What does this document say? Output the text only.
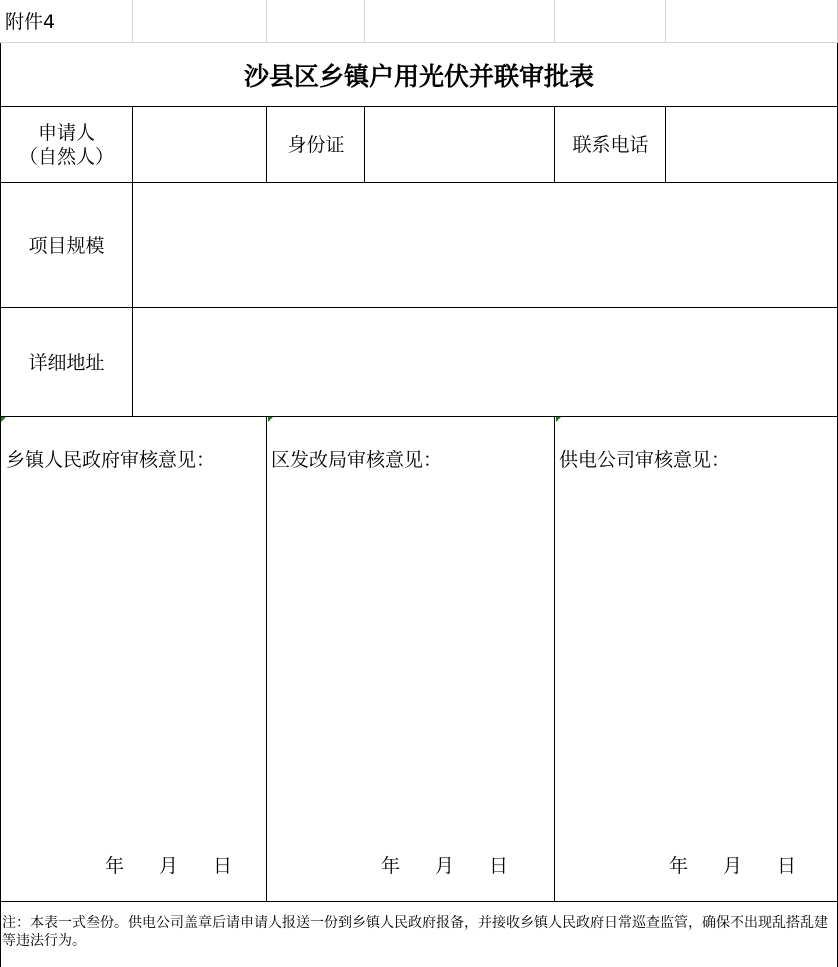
附件4
沙县区乡镇户用光伏并联审批表
申请人
（自然人）
身份证	联系电话
项目规模
详细地址
乡镇人民政府审核意见：
年 月 日
区发改局审核意见：
年 月 日
供电公司审核意见：
年 月 日
注：本表一式叁份。供电公司盖章后请申请人报送一份到乡镇人民政府报备，并接收乡镇人民政府日常巡查监管，确保不出现乱搭乱建等违法行为。
